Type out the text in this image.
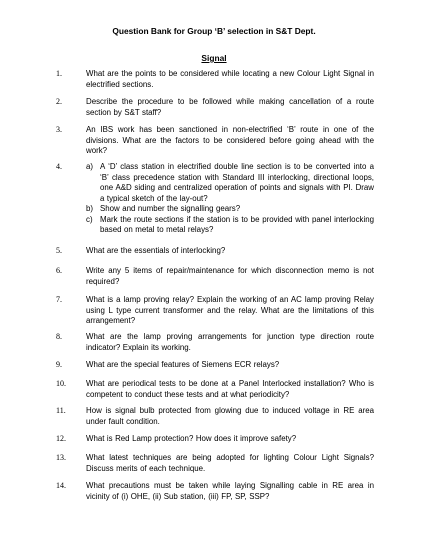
Question Bank for Group ‘B’ selection in S&T Dept.
Signal
1.	What are the points to be considered while locating a new Colour Light Signal in electrified sections.
2.	Describe the procedure to be followed while making cancellation of a route section by S&T staff?
3.	An IBS work has been sanctioned in non-electrified ‘B’ route in one of the divisions. What are the factors to be considered before going ahead with the work?
4.	a) A ‘D’ class station in electrified double line section is to be converted into a ‘B’ class precedence station with Standard III interlocking, directional loops, one A&D siding and centralized operation of points and signals with PI. Draw a typical sketch of the lay-out?
b) Show and number the signalling gears?
c) Mark the route sections if the station is to be provided with panel interlocking based on metal to metal relays?
5.	What are the essentials of interlocking?
6.	Write any 5 items of repair/maintenance for which disconnection memo is not required?
7.	What is a lamp proving relay? Explain the working of an AC lamp proving Relay using L type current transformer and the relay. What are the limitations of this arrangement?
8.	What are the lamp proving arrangements for junction type direction route indicator? Explain its working.
9.	What are the special features of Siemens ECR relays?
10.	What are periodical tests to be done at a Panel Interlocked installation? Who is competent to conduct these tests and at what periodicity?
11.	How is signal bulb protected from glowing due to induced voltage in RE area under fault condition.
12.	What is Red Lamp protection? How does it improve safety?
13.	What latest techniques are being adopted for lighting Colour Light Signals? Discuss merits of each technique.
14.	What precautions must be taken while laying Signalling cable in RE area in vicinity of (i) OHE, (ii) Sub station, (iii) FP, SP, SSP?
